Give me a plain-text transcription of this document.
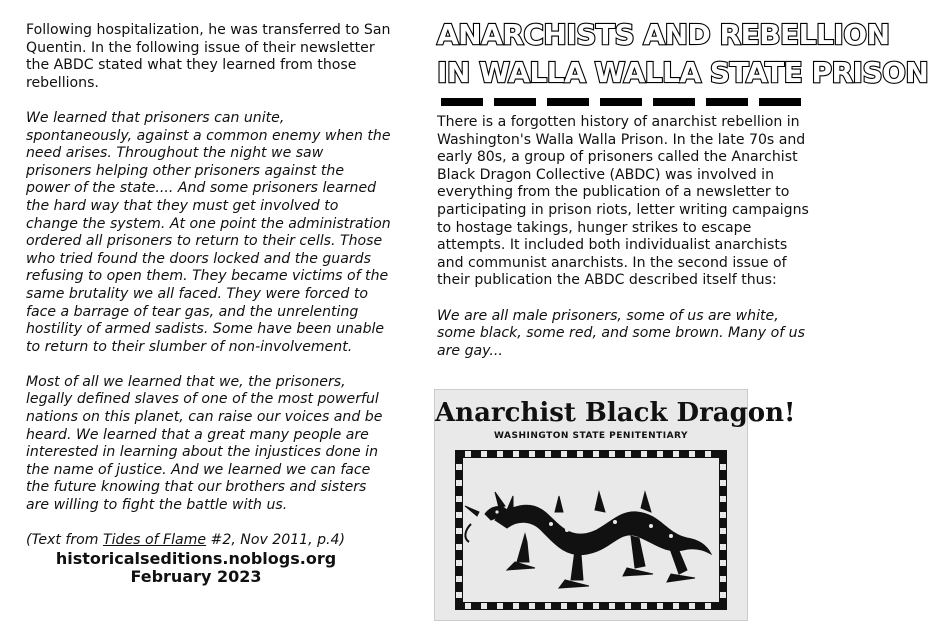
Following hospitalization, he was transferred to San Quentin. In the following issue of their newsletter the ABDC stated what they learned from those rebellions.

We learned that prisoners can unite, spontaneously, against a common enemy when the need arises. Throughout the night we saw prisoners helping other prisoners against the power of the state.... And some prisoners learned the hard way that they must get involved to change the system. At one point the administration ordered all prisoners to return to their cells. Those who tried found the doors locked and the guards refusing to open them. They became victims of the same brutality we all faced. They were forced to face a barrage of tear gas, and the unrelenting hostility of armed sadists. Some have been unable to return to their slumber of non-involvement.

Most of all we learned that we, the prisoners, legally defined slaves of one of the most powerful nations on this planet, can raise our voices and be heard. We learned that a great many people are interested in learning about the injustices done in the name of justice. And we learned we can face the future knowing that our brothers and sisters are willing to fight the battle with us.

(Text from Tides of Flame #2, Nov 2011, p.4)

historicalseditions.noblogs.org
February 2023
ANARCHISTS AND REBELLION
IN WALLA WALLA STATE PRISON

There is a forgotten history of anarchist rebellion in Washington's Walla Walla Prison. In the late 70s and early 80s, a group of prisoners called the Anarchist Black Dragon Collective (ABDC) was involved in everything from the publication of a newsletter to participating in prison riots, letter writing campaigns to hostage takings, hunger strikes to escape attempts. It included both individualist anarchists and communist anarchists. In the second issue of their publication the ABDC described itself thus:

We are all male prisoners, some of us are white, some black, some red, and some brown. Many of us are gay...

Anarchist Black Dragon!
WASHINGTON STATE PENITENTIARY
